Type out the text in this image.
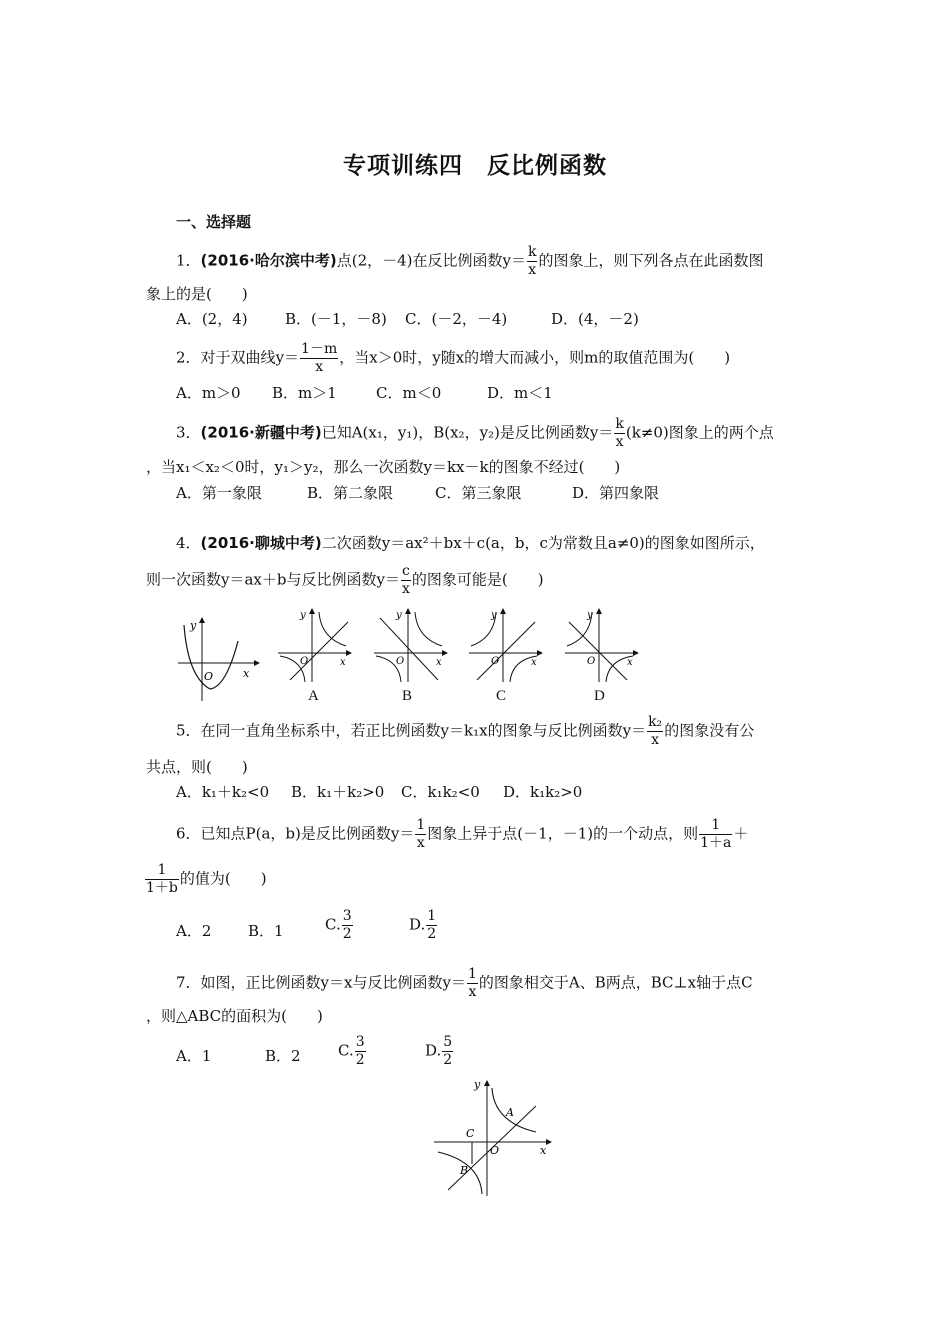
专项训练四　反比例函数
一、选择题
1．(2016·哈尔滨中考)点(2，－4)在反比例函数$y= \frac{k}{x}$ 的图象上，则下列各点在此函数图
象上的是(　　)
A．(2，4) B．(－1，－8) C．(－2，－4)	D．(4，－2)
2．对于双曲线$y= \frac{1-m}{x}$ ，当x＞0时，y随x的增大而减小，则m的取值范围为(　　)
A．m＞0 B．m＞1	C．m＜0	D．m＜1
3．(2016·新疆中考)已知A(x₁，y₁)，B(x₂，y₂)是反比例函数$y= \frac{k}{x} (k\ne 0)$图象上的两个点
，当x₁＜x₂＜0时，y₁＞y₂，那么一次函数y＝kx－k的图象不经过(　　)
A．第一象限	B．第二象限	C．第三象限	D．第四象限
4．(2016·聊城中考)二次函数y＝ax²＋bx＋c(a，b，c为常数且a≠0)的图象如图所示，
则一次函数y＝ax＋b与反比例函数$y= \frac{c}{x}$ 的图象可能是(　　)
y
x
O
y
x
O
y
x
O
y
x
O
y
x
O
A	B	C	D
5．在同一直角坐标系中，若正比例函数y＝k₁x的图象与反比例函数$y= \frac{\text{k₂}}{x}$ 的图象没有公
共点，则(　　)
A．k₁＋k₂<0 B．k₁＋k₂>0 C．k₁k₂<0 D．k₁k₂>0
6．已知点P(a，b)是反比例函数$y= \frac{1}{x}$ 图象上异于点(－1，－1)的一个动点，则 $\frac{1}{1+a}$ ＋
$\frac{1}{1+b}$ 的值为(　　)
A．2 B．1	C. $\frac{3}{2}$	D. $\frac{1}{2}$
7．如图，正比例函数y＝x与反比例函数$y= \frac{1}{x}$ 的图象相交于A、B两点，BC⊥x轴于点C
，则△ABC的面积为(　　)
A．1	B．2 C. $\frac{3}{2}$	D. $\frac{5}{2}$
y
x
O
A
B
C
